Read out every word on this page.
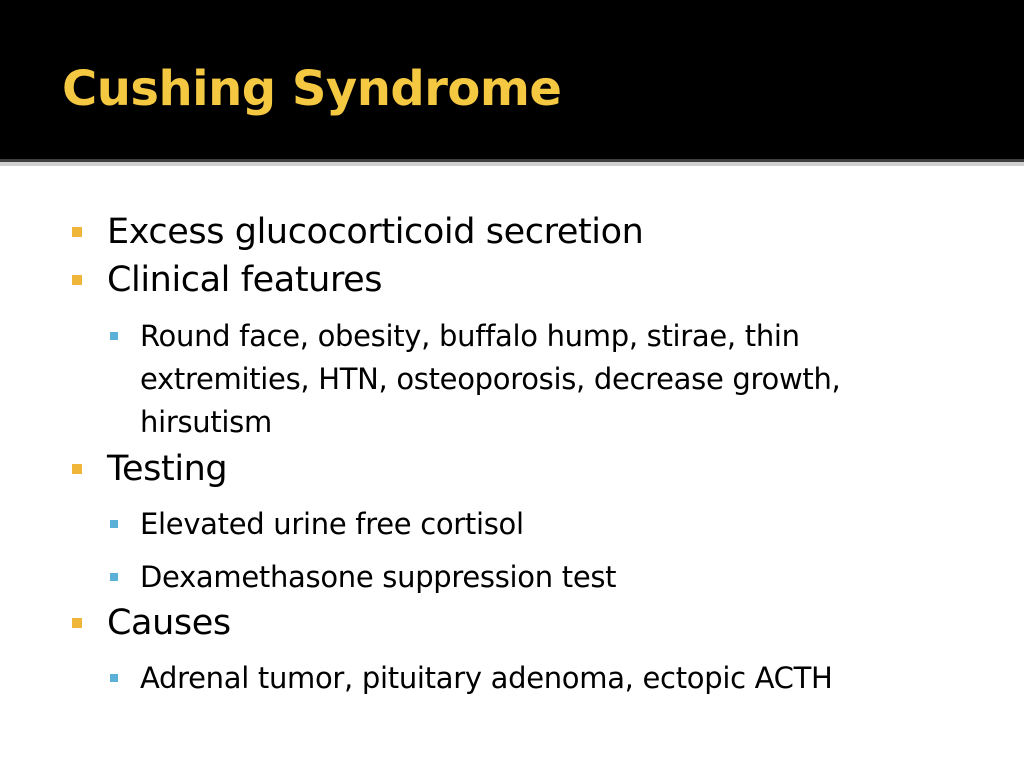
Cushing Syndrome
Excess glucocorticoid secretion
Clinical features
Round face, obesity, buffalo hump, stirae, thin
extremities, HTN, osteoporosis, decrease growth,
hirsutism
Testing
Elevated urine free cortisol
Dexamethasone suppression test
Causes
Adrenal tumor, pituitary adenoma, ectopic ACTH
